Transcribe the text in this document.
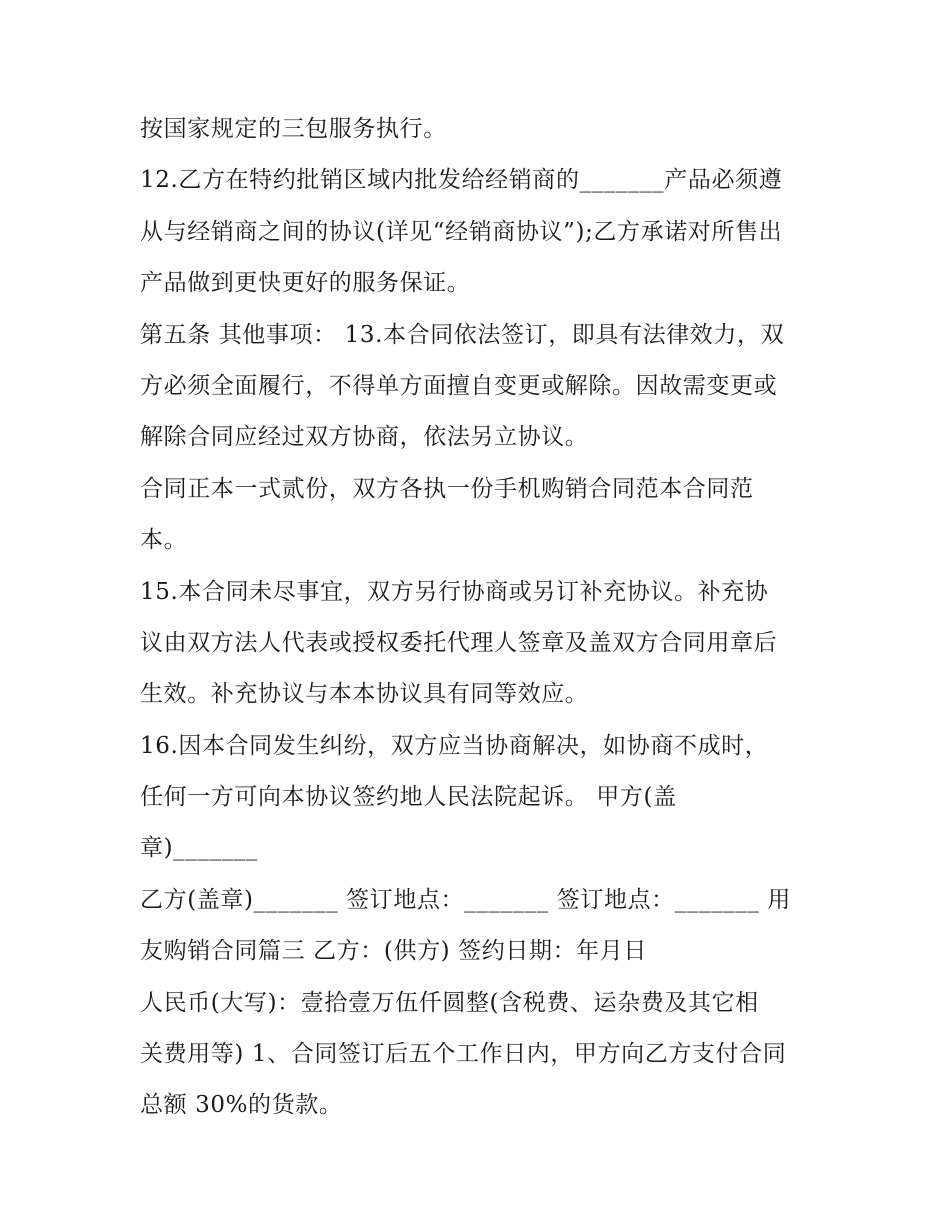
按国家规定的三包服务执行。
12.乙方在特约批销区域内批发给经销商的_______产品必须遵
从与经销商之间的协议(详见“经销商协议”);乙方承诺对所售出
产品做到更快更好的服务保证。
第五条 其他事项： 13.本合同依法签订，即具有法律效力，双
方必须全面履行，不得单方面擅自变更或解除。因故需变更或
解除合同应经过双方协商，依法另立协议。
合同正本一式贰份，双方各执一份手机购销合同范本合同范
本。
15.本合同未尽事宜，双方另行协商或另订补充协议。补充协
议由双方法人代表或授权委托代理人签章及盖双方合同用章后
生效。补充协议与本本协议具有同等效应。
16.因本合同发生纠纷，双方应当协商解决，如协商不成时，
任何一方可向本协议签约地人民法院起诉。 甲方(盖
章)_______
乙方(盖章)_______ 签订地点：_______ 签订地点：_______ 用
友购销合同篇三 乙方：(供方) 签约日期：年月日
人民币(大写)：壹拾壹万伍仟圆整(含税费、运杂费及其它相
关费用等) 1、合同签订后五个工作日内，甲方向乙方支付合同
总额 30%的货款。
